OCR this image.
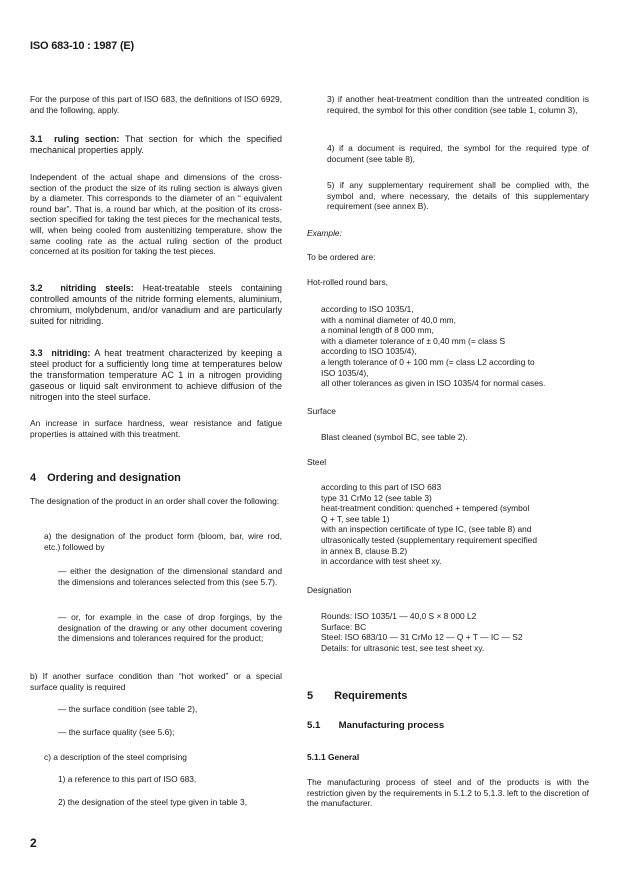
ISO 683-10 : 1987 (E)

For the purpose of this part of ISO 683, the definitions of ISO 6929, and the following, apply.

3.1 ruling section: That section for which the specified mechanical properties apply.

Independent of the actual shape and dimensions of the cross-section of the product the size of its ruling section is always given by a diameter. This corresponds to the diameter of an “ equivalent round bar”. That is, a round bar which, at the position of its cross-section specified for taking the test pieces for the mechanical tests, will, when being cooled from austenitizing temperature, show the same cooling rate as the actual ruling section of the product concerned at its position for taking the test pieces.

3.2 nitriding steels: Heat-treatable steels containing controlled amounts of the nitride forming elements, aluminium, chromium, molybdenum, and/or vanadium and are particularly suited for nitriding.

3.3 nitriding: A heat treatment characterized by keeping a steel product for a sufficiently long time at temperatures below the transformation temperature AC 1 in a nitrogen providing gaseous or liquid salt environment to achieve diffusion of the nitrogen into the steel surface.

An increase in surface hardness, wear resistance and fatigue properties is attained with this treatment.

4 Ordering and designation

The designation of the product in an order shall cover the following:

a) the designation of the product form (bloom, bar, wire rod, etc.) followed by

— either the designation of the dimensional standard and the dimensions and tolerances selected from this (see 5.7).

— or, for example in the case of drop forgings, by the designation of the drawing or any other document covering the dimensions and tolerances required for the product;

b) If another surface condition than “hot worked” or a special surface quality is required

— the surface condition (see table 2),

— the surface quality (see 5.6);

c) a description of the steel comprising

1) a reference to this part of ISO 683,

2) the designation of the steel type given in table 3,

3) if another heat-treatment condition than the untreated condition is required, the symbol for this other condition (see table 1, column 3),

4) if a document is required, the symbol for the required type of document (see table 8),

5) if any supplementary requirement shall be complied with, the symbol and, where necessary, the details of this supplementary requirement (see annex B).

Example:

To be ordered are:

Hot-rolled round bars,

according to ISO 1035/1,
with a nominal diameter of 40,0 mm,
a nominal length of 8 000 mm,
with a diameter tolerance of ± 0,40 mm (= class S
according to ISO 1035/4),
a length tolerance of 0 + 100 mm (= class L2 according to
ISO 1035/4),
all other tolerances as given in ISO 1035/4 for normal cases.

Surface

Blast cleaned (symbol BC, see table 2).

Steel

according to this part of ISO 683
type 31 CrMo 12 (see table 3)
heat-treatment condition: quenched + tempered (symbol
Q + T, see table 1)
with an inspection certificate of type IC, (see table 8) and
ultrasonically tested (supplementary requirement specified
in annex B, clause B.2)
in accordance with test sheet xy.

Designation

Rounds: ISO 1035/1 — 40,0 S × 8 000 L2
Surface: BC
Steel: ISO 683/10 — 31 CrMo 12 — Q + T — IC — S2
Details: for ultrasonic test, see test sheet xy.
5 Requirements
5.1 Manufacturing process

5.1.1 General

The manufacturing process of steel and of the products is with the restriction given by the requirements in 5.1.2 to 5.1.3. left to the discretion of the manufacturer.

2
